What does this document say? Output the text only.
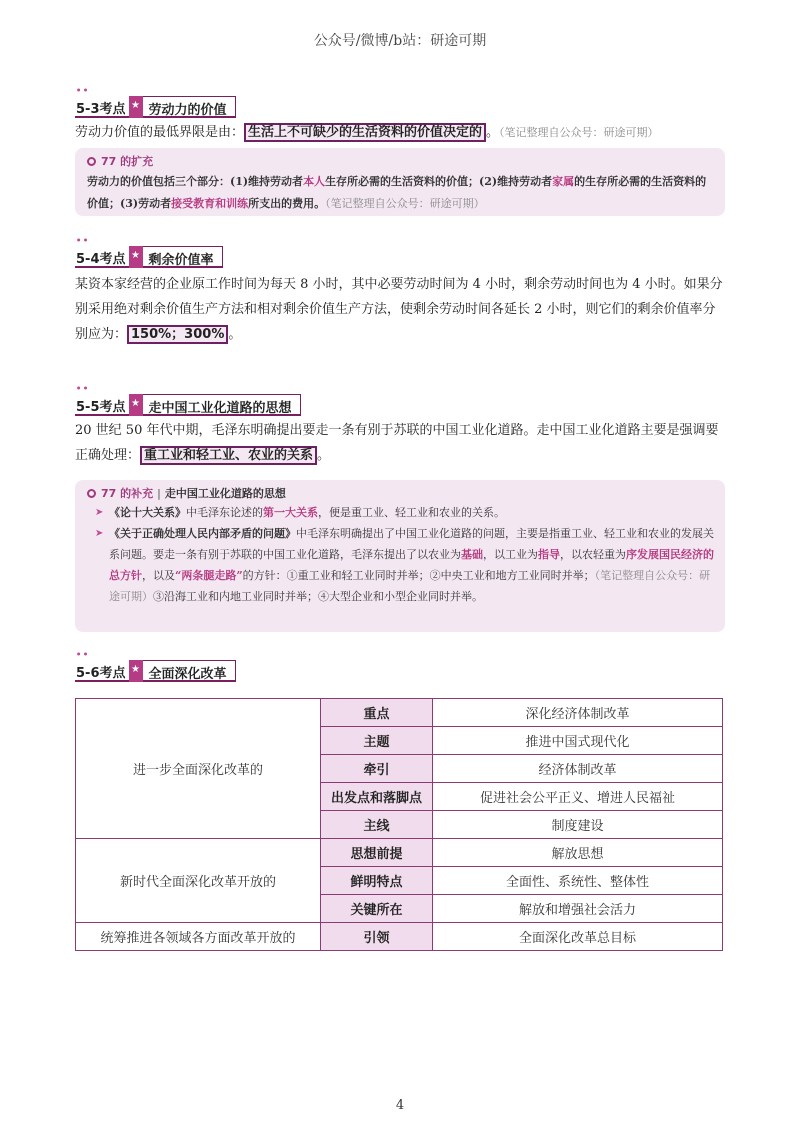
公众号/微博/b站：研途可期
● ● 5-3考点 ★ 劳动力的价值
劳动力价值的最低界限是由： 生活上不可缺少的生活资料的价值决定的 。（笔记整理自公众号：研途可期）
77 的扩充

劳动力的价值包括三个部分：(1)维持劳动者本人生存所必需的生活资料的价值；(2)维持劳动者家属的生存所必需的生活资料的价值；(3)劳动者接受教育和训练所支出的费用。（笔记整理自公众号：研途可期）

● ● 5-4考点 ★ 剩余价值率
某资本家经营的企业原工作时间为每天 8 小时，其中必要劳动时间为 4 小时，剩余劳动时间也为 4 小时。如果分别采用绝对剩余价值生产方法和相对剩余价值生产方法，使剩余劳动时间各延长 2 小时，则它们的剩余价值率分别应为： 150%；300% 。
● ● 5-5考点 ★ 走中国工业化道路的思想
20 世纪 50 年代中期，毛泽东明确提出要走一条有别于苏联的中国工业化道路。走中国工业化道路主要是强调要正确处理： 重工业和轻工业、农业的关系 。
77 的补充 | 走中国工业化道路的思想
➤ 《论十大关系》中毛泽东论述的第一大关系，便是重工业、轻工业和农业的关系。
➤ 《关于正确处理人民内部矛盾的问题》中毛泽东明确提出了中国工业化道路的问题，主要是指重工业、轻工业和农业的发展关系问题。要走一条有别于苏联的中国工业化道路，毛泽东提出了以农业为基础，以工业为指导，以农轻重为序发展国民经济的总方针，以及“两条腿走路”的方针：①重工业和轻工业同时并举；②中央工业和地方工业同时并举；（笔记整理自公众号：研途可期）③沿海工业和内地工业同时并举；④大型企业和小型企业同时并举。
● ● 5-6考点 ★ 全面深化改革
进一步全面深化改革的	重点	深化经济体制改革
	主题	推进中国式现代化
	牵引	经济体制改革
	出发点和落脚点	促进社会公平正义、增进人民福祉
	主线	制度建设
新时代全面深化改革开放的	思想前提	解放思想
	鲜明特点	全面性、系统性、整体性
	关键所在	解放和增强社会活力
统筹推进各领域各方面改革开放的	引领	全面深化改革总目标
4
